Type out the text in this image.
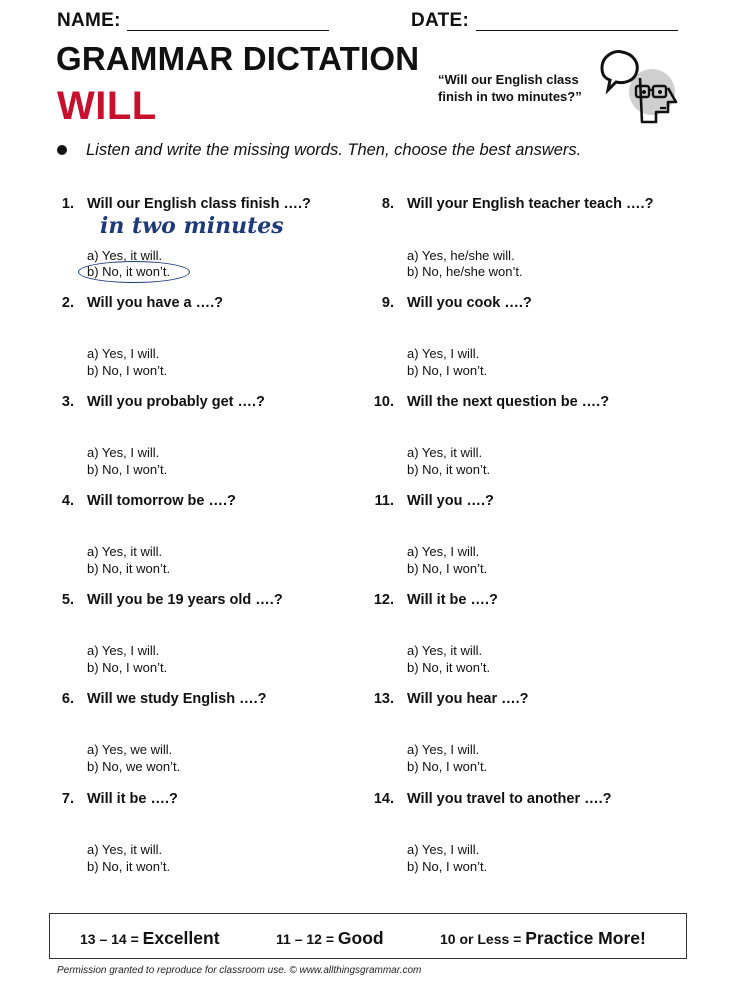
NAME:	DATE:
GRAMMAR DICTATION
WILL
“Will our English class
finish in two minutes?”
Listen and write the missing words. Then, choose the best answers.
1. Will our English class finish ….?
in two minutes
a) Yes, it will.
b) No, it won’t.
2. Will you have a ….?
a) Yes, I will.
b) No, I won’t.
3. Will you probably get ….?
a) Yes, I will.
b) No, I won’t.
4. Will tomorrow be ….?
a) Yes, it will.
b) No, it won’t.
5. Will you be 19 years old ….?
a) Yes, I will.
b) No, I won’t.
6. Will we study English ….?
a) Yes, we will.
b) No, we won’t.
7. Will it be ….?
a) Yes, it will.
b) No, it won’t.
8. Will your English teacher teach ….?
a) Yes, he/she will.
b) No, he/she won’t.
9. Will you cook ….?
a) Yes, I will.
b) No, I won’t.
10. Will the next question be ….?
a) Yes, it will.
b) No, it won’t.
11. Will you ….?
a) Yes, I will.
b) No, I won’t.
12. Will it be ….?
a) Yes, it will.
b) No, it won’t.
13. Will you hear ….?
a) Yes, I will.
b) No, I won’t.
14. Will you travel to another ….?
a) Yes, I will.
b) No, I won’t.
13 – 14 = Excellent	11 – 12 = Good	10 or Less = Practice More!
Permission granted to reproduce for classroom use. © www.allthingsgrammar.com
